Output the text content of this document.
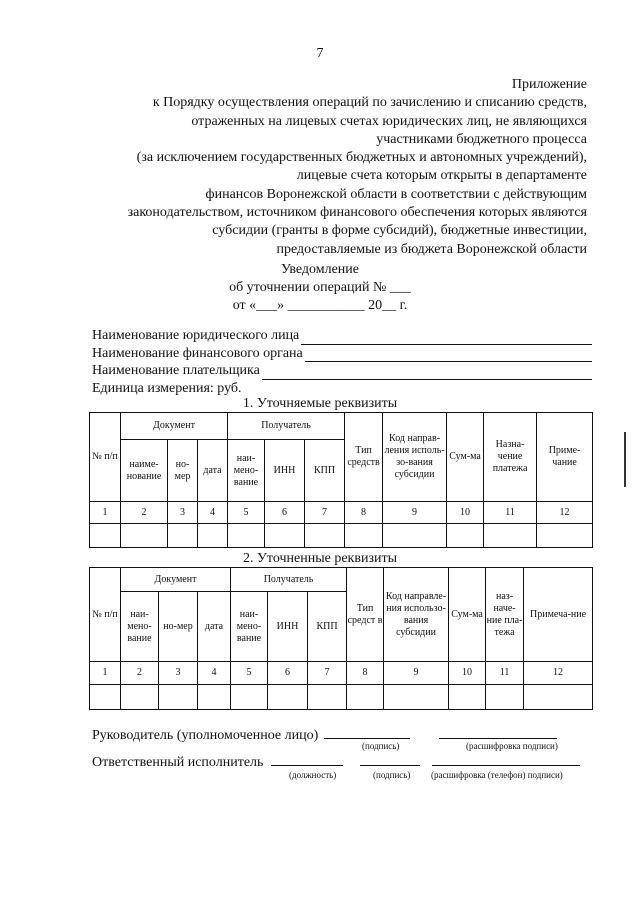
7
Приложение
к Порядку осуществления операций по зачислению и списанию средств,
отраженных на лицевых счетах юридических лиц, не являющихся
участниками бюджетного процесса
(за исключением государственных бюджетных и автономных учреждений),
лицевые счета которым открыты в департаменте
финансов Воронежской области в соответствии с действующим
законодательством, источником финансового обеспечения которых являются
субсидии (гранты в форме субсидий), бюджетные инвестиции,
предоставляемые из бюджета Воронежской области
Уведомление
об уточнении операций № ___
от «___» ___________ 20__ г.
Наименование юридического лица
Наименование финансового органа
Наименование плательщика
Единица измерения: руб.
1. Уточняемые реквизиты
№ п/п	Документ			Получатель			Тип средств	Код направ-ления исполь-зо-вания субсидии	Сум-ма	Назна-чение платежа	Приме-чание
	наиме-нование	но-мер	дата	наи-мено-вание	ИНН	КПП					
1	2	3	4	5	6	7	8	9	10	11	12

2. Уточненные реквизиты
№ п/п	Документ			Получатель			Тип средст в	Код направле-ния использо-вания субсидии	Сум-ма	наз-наче-ние пла-тежа	Примеча-ние
	наи-мено-вание	но-мер	дата	наи-мено-вание	ИНН	КПП					
1	2	3	4	5	6	7	8	9	10	11	12

Руководитель (уполномоченное лицо)
(подпись)	(расшифровка подписи)
Ответственный исполнитель
(должность)	(подпись) (расшифровка (телефон) подписи)
